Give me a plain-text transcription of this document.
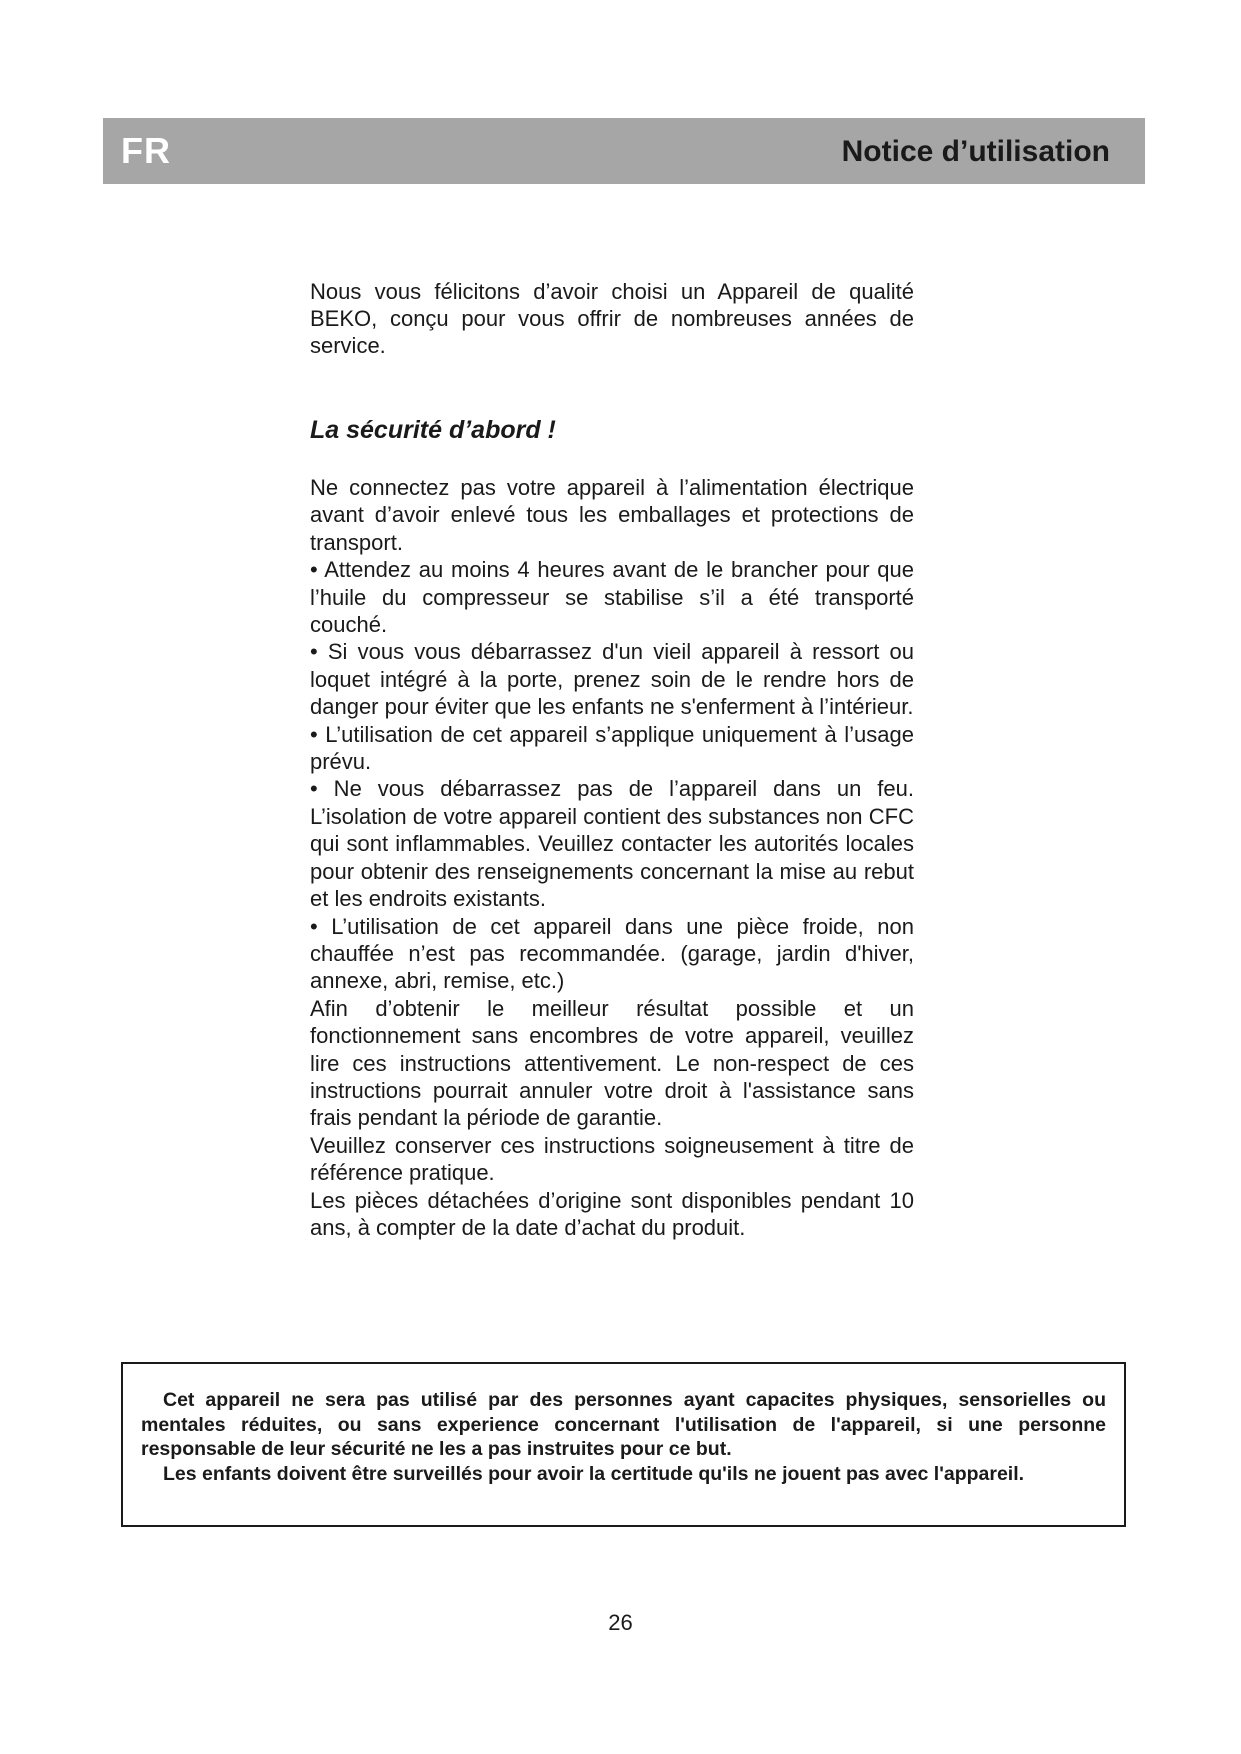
FR	Notice d’utilisation

Nous vous félicitons d’avoir choisi un Appareil de qualité BEKO, conçu pour vous offrir de nombreuses années de service.

La sécurité d’abord !

Ne connectez pas votre appareil à l’alimentation électrique avant d’avoir enlevé tous les emballages et protections de transport.

• Attendez au moins 4 heures avant de le brancher pour que l’huile du compresseur se stabilise s’il a été transporté couché.

• Si vous vous débarrassez d'un vieil appareil à ressort ou loquet intégré à la porte, prenez soin de le rendre hors de danger pour éviter que les enfants ne s'enferment à l’intérieur.

• L’utilisation de cet appareil s’applique uniquement à l’usage prévu.

• Ne vous débarrassez pas de l’appareil dans un feu. L’isolation de votre appareil contient des substances non CFC qui sont inflammables. Veuillez contacter les autorités locales pour obtenir des renseignements concernant la mise au rebut et les endroits existants.

• L’utilisation de cet appareil dans une pièce froide, non chauffée n’est pas recommandée. (garage, jardin d'hiver, annexe, abri, remise, etc.)

Afin d’obtenir le meilleur résultat possible et un fonctionnement sans encombres de votre appareil, veuillez lire ces instructions attentivement. Le non-respect de ces instructions pourrait annuler votre droit à l'assistance sans frais pendant la période de garantie.

Veuillez conserver ces instructions soigneusement à titre de référence pratique.

Les pièces détachées d’origine sont disponibles pendant 10 ans, à compter de la date d’achat du produit.

Cet appareil ne sera pas utilisé par des personnes ayant capacites physiques, sensorielles ou mentales réduites, ou sans experience concernant l'utilisation de l'appareil, si une personne responsable de leur sécurité ne les a pas instruites pour ce but.

Les enfants doivent être surveillés pour avoir la certitude qu'ils ne jouent pas avec l'appareil.

26
